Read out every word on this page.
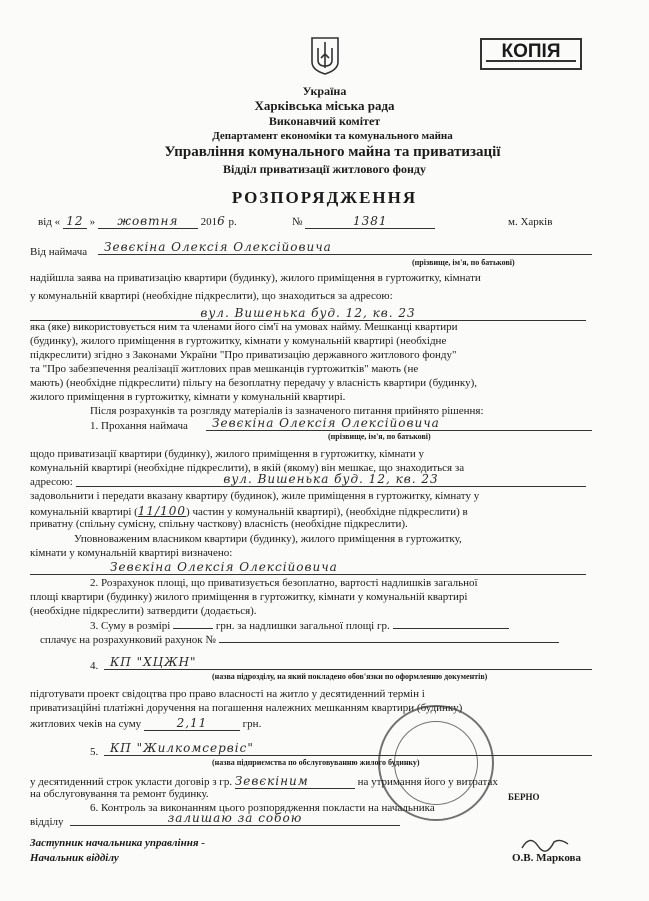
КОПІЯ
Україна
Харківська міська рада
Виконавчий комітет
Департамент економіки та комунального майна
Управління комунального майна та приватизації
Відділ приватизації житлового фонду
РОЗПОРЯДЖЕННЯ
від « 12 » жовтня 2016 р.	№	1381	м. Харків
Від наймача	Зевєкіна Олексія Олексійовича
(прізвище, ім'я, по батькові)
надійшла заява на приватизацію квартири (будинку), жилого приміщення в гуртожитку, кімнати
у комунальній квартирі (необхідне підкреслити), що знаходиться за адресою:
вул. Вишенька буд. 12, кв. 23
яка (яке) використовується ним та членами його сім'ї на умовах найму. Мешканці квартири
(будинку), жилого приміщення в гуртожитку, кімнати у комунальній квартирі (необхідне
підкреслити) згідно з Законами України "Про приватизацію державного житлового фонду"
та "Про забезпечення реалізації житлових прав мешканців гуртожитків" мають (не
мають) (необхідне підкреслити) пільгу на безоплатну передачу у власність квартири (будинку),
жилого приміщення в гуртожитку, кімнати у комунальній квартирі.
Після розрахунків та розгляду матеріалів із зазначеного питання прийнято рішення:
1. Прохання наймача	Зевєкіна Олексія Олексійовича
(прізвище, ім'я, по батькові)
щодо приватизації квартири (будинку), жилого приміщення в гуртожитку, кімнати у
комунальній квартирі (необхідне підкреслити), в якій (якому) він мешкає, що знаходиться за
адресою:	вул. Вишенька буд. 12, кв. 23
задовольнити і передати вказану квартиру (будинок), жиле приміщення в гуртожитку, кімнату у
комунальній квартирі (11/100) частин у комунальній квартирі), (необхідне підкреслити) в
приватну (спільну сумісну, спільну часткову) власність (необхідне підкреслити).
Уповноваженим власником квартири (будинку), жилого приміщення в гуртожитку,
кімнати у комунальній квартирі визначено:
Зевєкіна Олексія Олексійовича
2. Розрахунок площі, що приватизується безоплатно, вартості надлишків загальної
площі квартири (будинку) жилого приміщення в гуртожитку, кімнати у комунальній квартирі
(необхідне підкреслити) затвердити (додається).
3. Суму в розмірі	грн. за надлишки загальної площі гр.
сплачує на розрахунковий рахунок №
4. КП "ХЦЖН"
(назва підрозділу, на який покладено обов'язки по оформленню документів)
підготувати проект свідоцтва про право власності на житло у десятиденний термін і
приватизаційні платіжні доручення на погашення належних мешканням квартири (будинку)
житлових чеків на суму	2,11	грн.
БЕРНО
5. КП "Жилкомсервіс"
(назва підприємства по обслуговуванню жилого будинку)
у десятиденний строк укласти договір з гр. Зевєкіним	на утримання його у витратах
на обслуговування та ремонт будинку.
6. Контроль за виконанням цього розпорядження покласти на начальника
відділу	залишаю за собою
Заступник начальника управління -
Начальник відділу	О.В. Маркова
